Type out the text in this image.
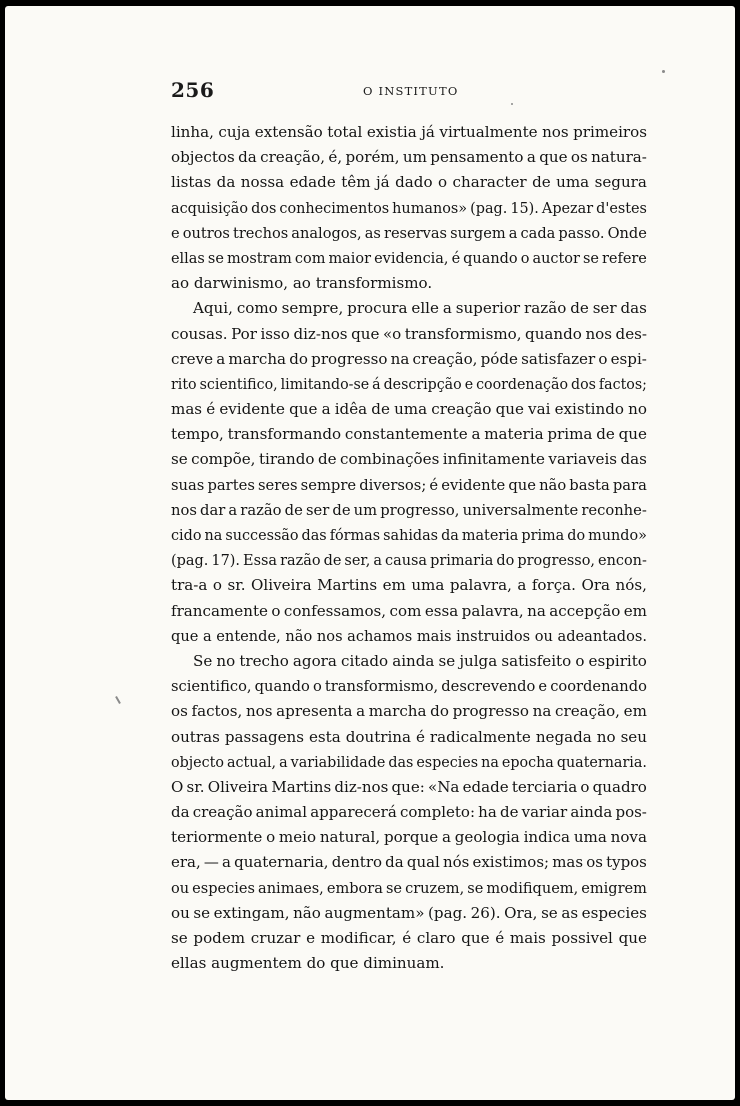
256	O INSTITUTO
linha, cuja extensão total existia já virtualmente nos primeiros
objectos da creação, é, porém, um pensamento a que os natura-
listas da nossa edade têm já dado o character de uma segura
acquisição dos conhecimentos humanos» (pag. 15). Apezar d'estes
e outros trechos analogos, as reservas surgem a cada passo. Onde
ellas se mostram com maior evidencia, é quando o auctor se refere
ao darwinismo, ao transformismo.
Aqui, como sempre, procura elle a superior razão de ser das
cousas. Por isso diz-nos que «o transformismo, quando nos des-
creve a marcha do progresso na creação, póde satisfazer o espi-
rito scientifico, limitando-se á descripção e coordenação dos factos;
mas é evidente que a idêa de uma creação que vai existindo no
tempo, transformando constantemente a materia prima de que
se compõe, tirando de combinações infinitamente variaveis das
suas partes seres sempre diversos; é evidente que não basta para
nos dar a razão de ser de um progresso, universalmente reconhe-
cido na successão das fórmas sahidas da materia prima do mundo»
(pag. 17). Essa razão de ser, a causa primaria do progresso, encon-
tra-a o sr. Oliveira Martins em uma palavra, a força. Ora nós,
francamente o confessamos, com essa palavra, na accepção em
que a entende, não nos achamos mais instruidos ou adeantados.
Se no trecho agora citado ainda se julga satisfeito o espirito
scientifico, quando o transformismo, descrevendo e coordenando
os factos, nos apresenta a marcha do progresso na creação, em
outras passagens esta doutrina é radicalmente negada no seu
objecto actual, a variabilidade das especies na epocha quaternaria.
O sr. Oliveira Martins diz-nos que: «Na edade terciaria o quadro
da creação animal apparecerá completo: ha de variar ainda pos-
teriormente o meio natural, porque a geologia indica uma nova
era, — a quaternaria, dentro da qual nós existimos; mas os typos
ou especies animaes, embora se cruzem, se modifiquem, emigrem
ou se extingam, não augmentam» (pag. 26). Ora, se as especies
se podem cruzar e modificar, é claro que é mais possivel que
ellas augmentem do que diminuam.
